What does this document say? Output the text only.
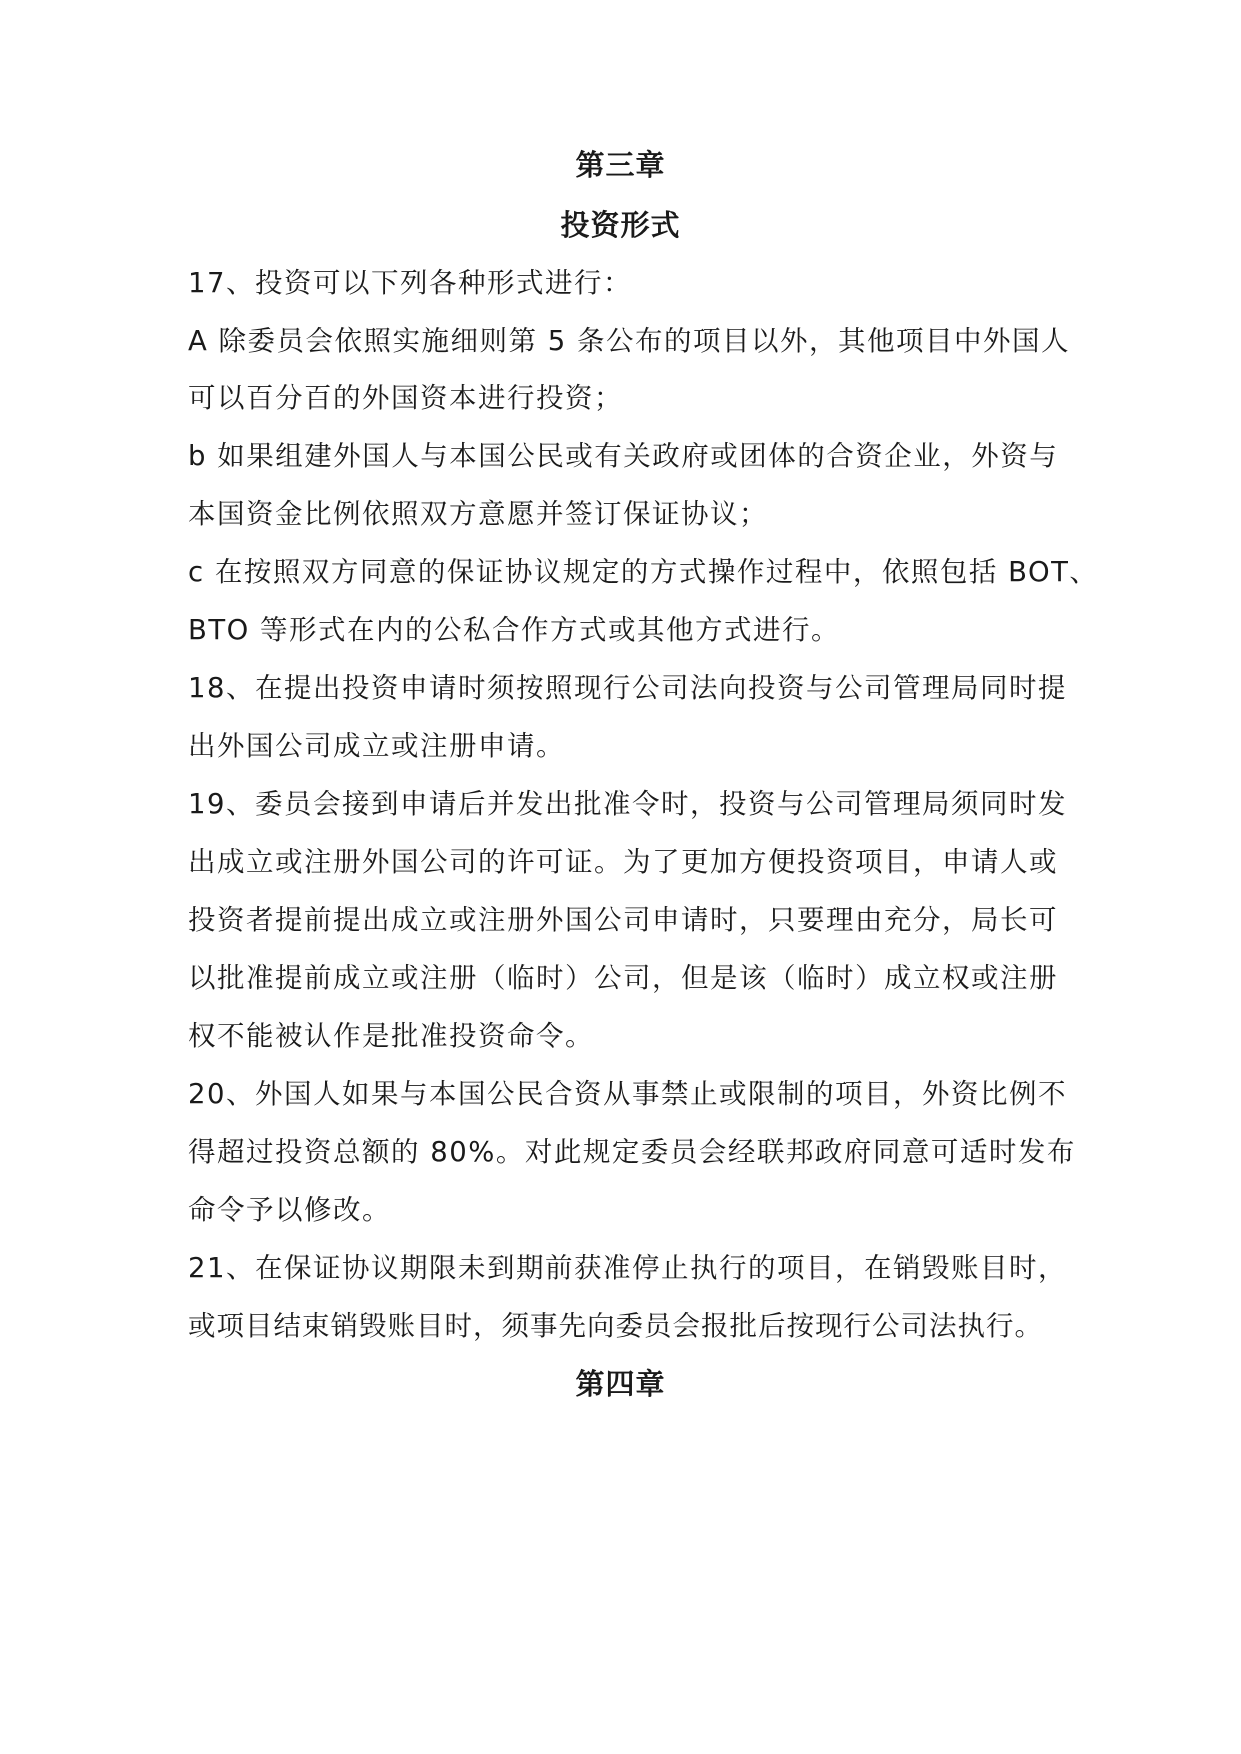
第三章
投资形式
17、投资可以下列各种形式进行：
A 除委员会依照实施细则第 5 条公布的项目以外，其他项目中外国人
可以百分百的外国资本进行投资；
b 如果组建外国人与本国公民或有关政府或团体的合资企业，外资与
本国资金比例依照双方意愿并签订保证协议；
c 在按照双方同意的保证协议规定的方式操作过程中，依照包括 BOT、
BTO 等形式在内的公私合作方式或其他方式进行。
18、在提出投资申请时须按照现行公司法向投资与公司管理局同时提
出外国公司成立或注册申请。
19、委员会接到申请后并发出批准令时，投资与公司管理局须同时发
出成立或注册外国公司的许可证。为了更加方便投资项目，申请人或
投资者提前提出成立或注册外国公司申请时，只要理由充分，局长可
以批准提前成立或注册（临时）公司，但是该（临时）成立权或注册
权不能被认作是批准投资命令。
20、外国人如果与本国公民合资从事禁止或限制的项目，外资比例不
得超过投资总额的 80%。对此规定委员会经联邦政府同意可适时发布
命令予以修改。
21、在保证协议期限未到期前获准停止执行的项目，在销毁账目时，
或项目结束销毁账目时，须事先向委员会报批后按现行公司法执行。
第四章
